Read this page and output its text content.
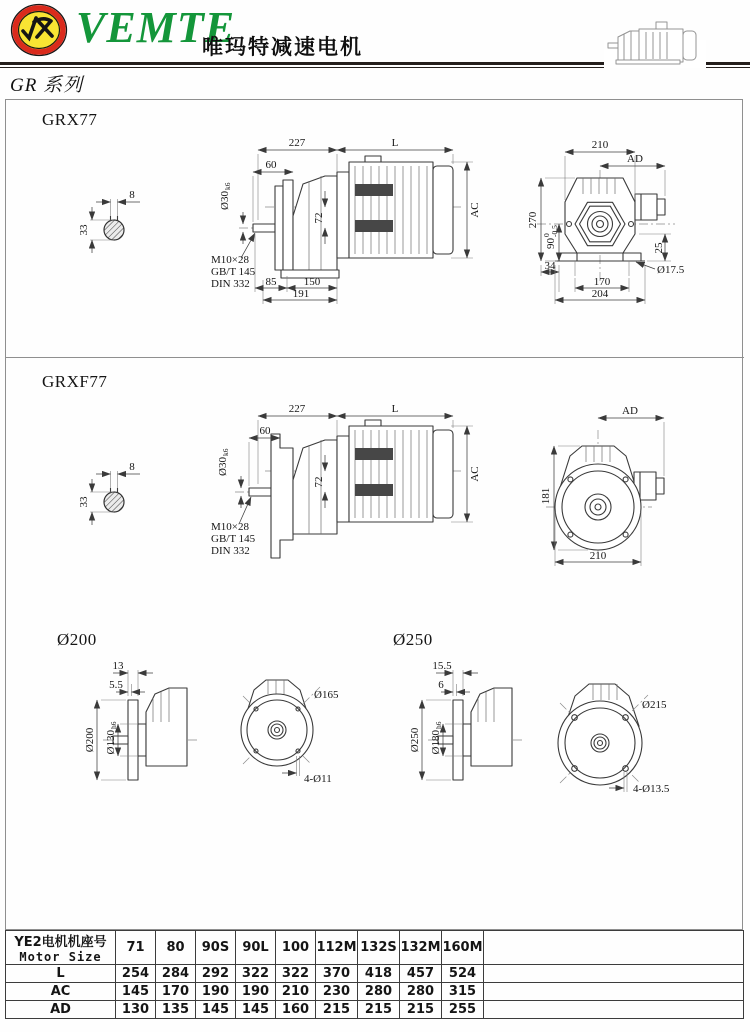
VEMTE
唯玛特减速电机
GR 系列
GRX77
8
33
227	L
60
Ø30
k6
72
AC
M10×28
GB/T 145
DIN 332 85 150
191
210
AD
270
90
0 -0.5
34
170
204
25
Ø17.5
GRXF77
8
33
227	L
60
Ø30
k6
72
AC
M10×28
GB/T 145
DIN 332
AD
181
210
Ø200
13
5.5
Ø200 Ø130
h6
Ø165
4-Ø11
Ø250
15.5
6
Ø250 Ø180
h6
Ø215
4-Ø13.5
YE2电机机座号
Motor Size	71	80	90S	90L	100	112M	132S	132M	160M	
L	254	284	292	322	322	370	418	457	524	
AC	145	170	190	190	210	230	280	280	315	
AD	130	135	145	145	160	215	215	215	255	
